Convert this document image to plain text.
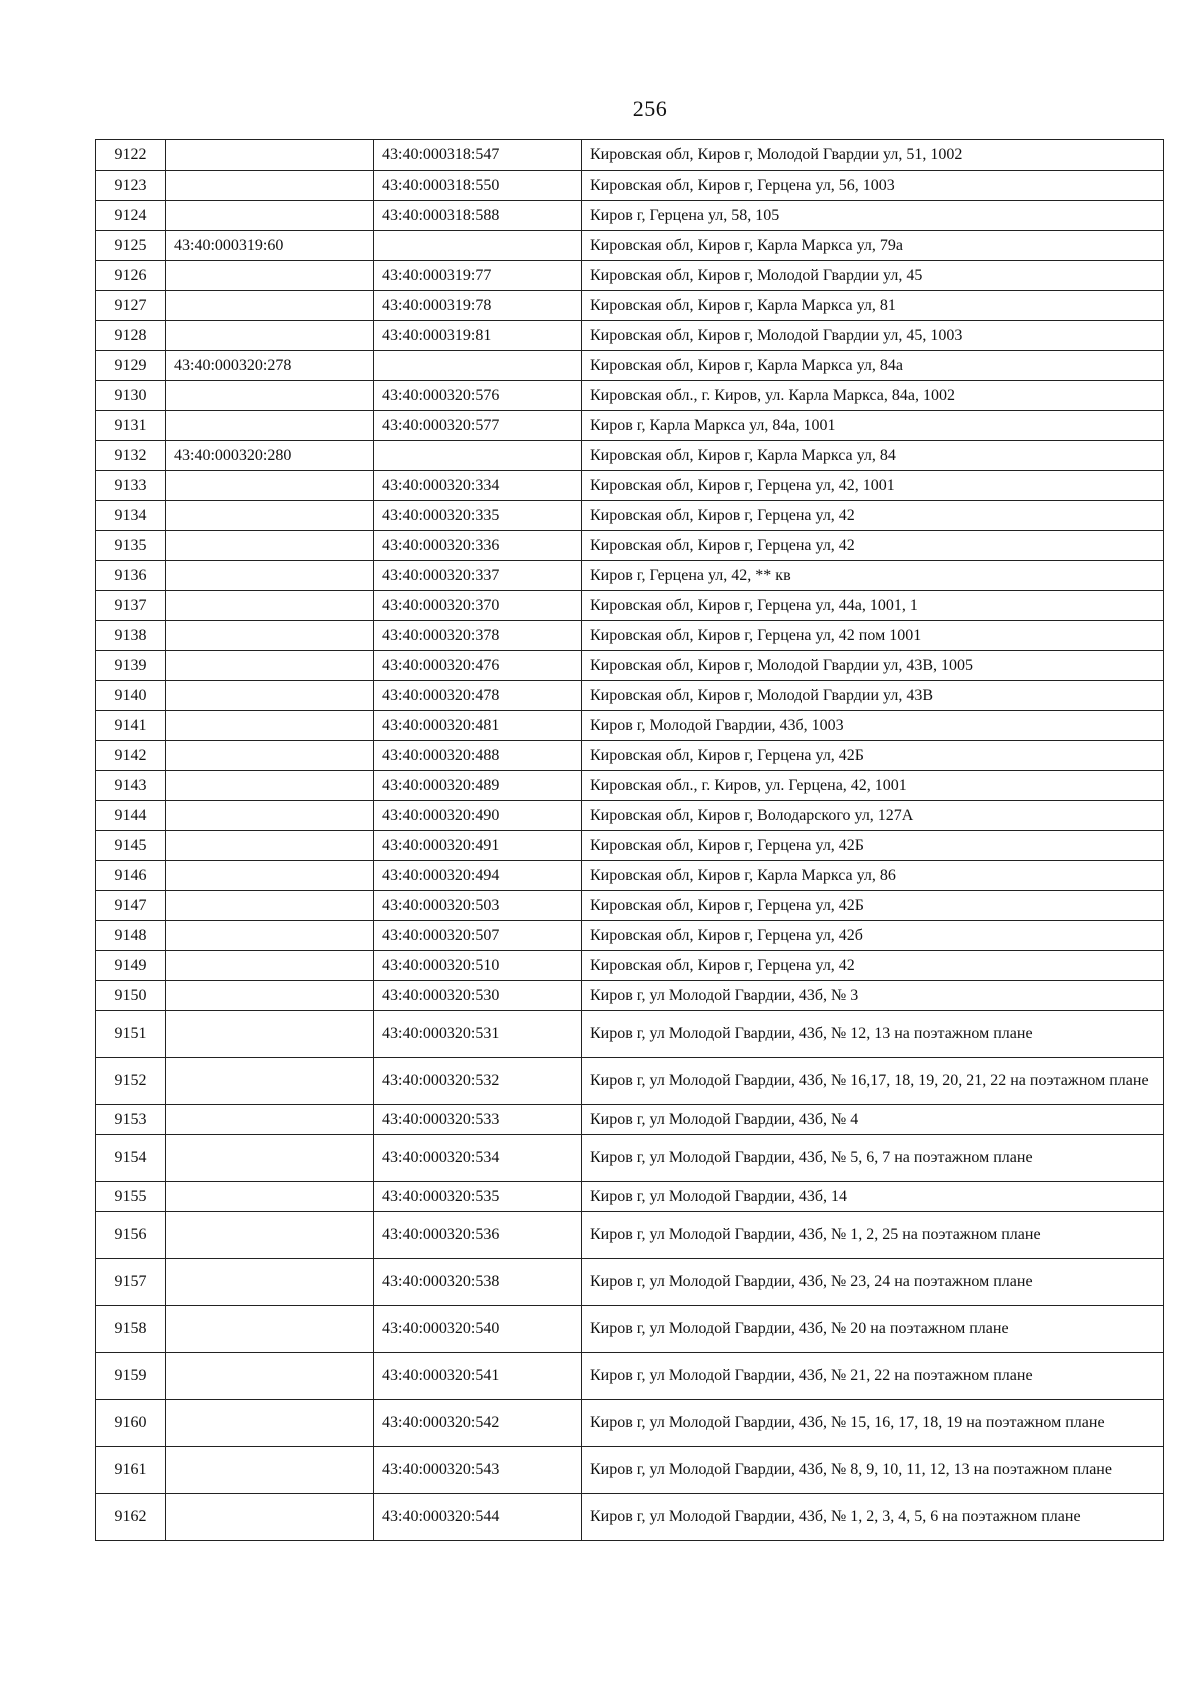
256
9122		43:40:000318:547	Кировская обл, Киров г, Молодой Гвардии ул, 51, 1002
9123		43:40:000318:550	Кировская обл, Киров г, Герцена ул, 56, 1003
9124		43:40:000318:588	Киров г, Герцена ул, 58, 105
9125	43:40:000319:60		Кировская обл, Киров г, Карла Маркса ул, 79а
9126		43:40:000319:77	Кировская обл, Киров г, Молодой Гвардии ул, 45
9127		43:40:000319:78	Кировская обл, Киров г, Карла Маркса ул, 81
9128		43:40:000319:81	Кировская обл, Киров г, Молодой Гвардии ул, 45, 1003
9129	43:40:000320:278		Кировская обл, Киров г, Карла Маркса ул, 84а
9130		43:40:000320:576	Кировская обл., г. Киров, ул. Карла Маркса, 84а, 1002
9131		43:40:000320:577	Киров г, Карла Маркса ул, 84а, 1001
9132	43:40:000320:280		Кировская обл, Киров г, Карла Маркса ул, 84
9133		43:40:000320:334	Кировская обл, Киров г, Герцена ул, 42, 1001
9134		43:40:000320:335	Кировская обл, Киров г, Герцена ул, 42
9135		43:40:000320:336	Кировская обл, Киров г, Герцена ул, 42
9136		43:40:000320:337	Киров г, Герцена ул, 42, ** кв
9137		43:40:000320:370	Кировская обл, Киров г, Герцена ул, 44а, 1001, 1
9138		43:40:000320:378	Кировская обл, Киров г, Герцена ул, 42 пом 1001
9139		43:40:000320:476	Кировская обл, Киров г, Молодой Гвардии ул, 43В, 1005
9140		43:40:000320:478	Кировская обл, Киров г, Молодой Гвардии ул, 43В
9141		43:40:000320:481	Киров г, Молодой Гвардии, 43б, 1003
9142		43:40:000320:488	Кировская обл, Киров г, Герцена ул, 42Б
9143		43:40:000320:489	Кировская обл., г. Киров, ул. Герцена, 42, 1001
9144		43:40:000320:490	Кировская обл, Киров г, Володарского ул, 127А
9145		43:40:000320:491	Кировская обл, Киров г, Герцена ул, 42Б
9146		43:40:000320:494	Кировская обл, Киров г, Карла Маркса ул, 86
9147		43:40:000320:503	Кировская обл, Киров г, Герцена ул, 42Б
9148		43:40:000320:507	Кировская обл, Киров г, Герцена ул, 42б
9149		43:40:000320:510	Кировская обл, Киров г, Герцена ул, 42
9150		43:40:000320:530	Киров г, ул Молодой Гвардии, 43б, № 3
9151		43:40:000320:531	Киров г, ул Молодой Гвардии, 43б, № 12, 13 на поэтажном плане
9152		43:40:000320:532	Киров г, ул Молодой Гвардии, 43б, № 16,17, 18, 19, 20, 21, 22 на поэтажном плане
9153		43:40:000320:533	Киров г, ул Молодой Гвардии, 43б, № 4
9154		43:40:000320:534	Киров г, ул Молодой Гвардии, 43б, № 5, 6, 7 на поэтажном плане
9155		43:40:000320:535	Киров г, ул Молодой Гвардии, 43б, 14
9156		43:40:000320:536	Киров г, ул Молодой Гвардии, 43б, № 1, 2, 25 на поэтажном плане
9157		43:40:000320:538	Киров г, ул Молодой Гвардии, 43б, № 23, 24 на поэтажном плане
9158		43:40:000320:540	Киров г, ул Молодой Гвардии, 43б, № 20 на поэтажном плане
9159		43:40:000320:541	Киров г, ул Молодой Гвардии, 43б, № 21, 22 на поэтажном плане
9160		43:40:000320:542	Киров г, ул Молодой Гвардии, 43б, № 15, 16, 17, 18, 19 на поэтажном плане
9161		43:40:000320:543	Киров г, ул Молодой Гвардии, 43б, № 8, 9, 10, 11, 12, 13 на поэтажном плане
9162		43:40:000320:544	Киров г, ул Молодой Гвардии, 43б, № 1, 2, 3, 4, 5, 6 на поэтажном плане
